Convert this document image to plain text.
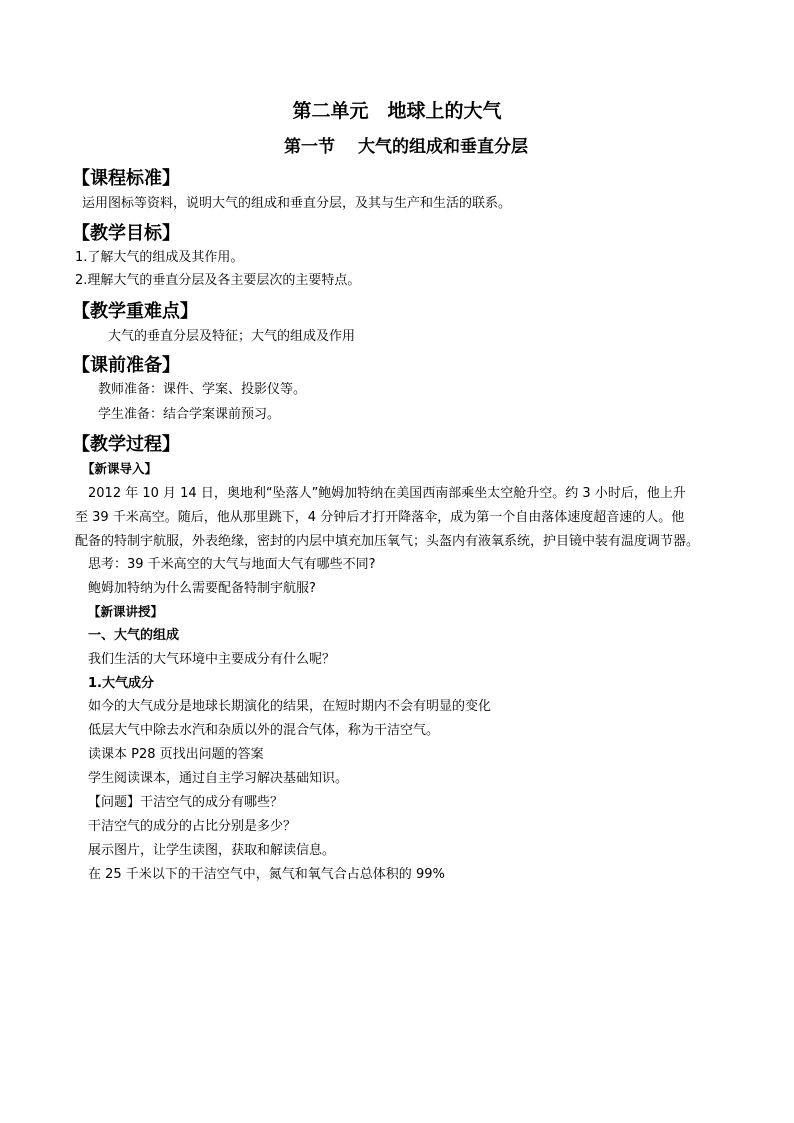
第二单元　地球上的大气
第一节　 大气的组成和垂直分层
【课程标准】
运用图标等资料，说明大气的组成和垂直分层，及其与生产和生活的联系。
【教学目标】
1.了解大气的组成及其作用。
2.理解大气的垂直分层及各主要层次的主要特点。
【教学重难点】
大气的垂直分层及特征；大气的组成及作用
【课前准备】
教师准备：课件、学案、投影仪等。
学生准备：结合学案课前预习。
【教学过程】
【新课导入】
2012 年 10 月 14 日，奥地利“坠落人”鲍姆加特纳在美国西南部乘坐太空舱升空。约 3 小时后，他上升
至 39 千米高空。随后，他从那里跳下，4 分钟后才打开降落伞，成为第一个自由落体速度超音速的人。他
配备的特制宇航服，外表绝缘，密封的内层中填充加压氧气；头盔内有液氧系统，护目镜中装有温度调节器。
思考：39 千米高空的大气与地面大气有哪些不同?
鲍姆加特纳为什么需要配备特制宇航服?
【新课讲授】
一、大气的组成
我们生活的大气环境中主要成分有什么呢？
1.大气成分
如今的大气成分是地球长期演化的结果，在短时期内不会有明显的变化
低层大气中除去水汽和杂质以外的混合气体，称为干洁空气。
读课本 P28 页找出问题的答案
学生阅读课本，通过自主学习解决基础知识。
【问题】干洁空气的成分有哪些？
干洁空气的成分的占比分别是多少？
展示图片，让学生读图，获取和解读信息。
在 25 千米以下的干洁空气中，氮气和氧气合占总体积的 99%
